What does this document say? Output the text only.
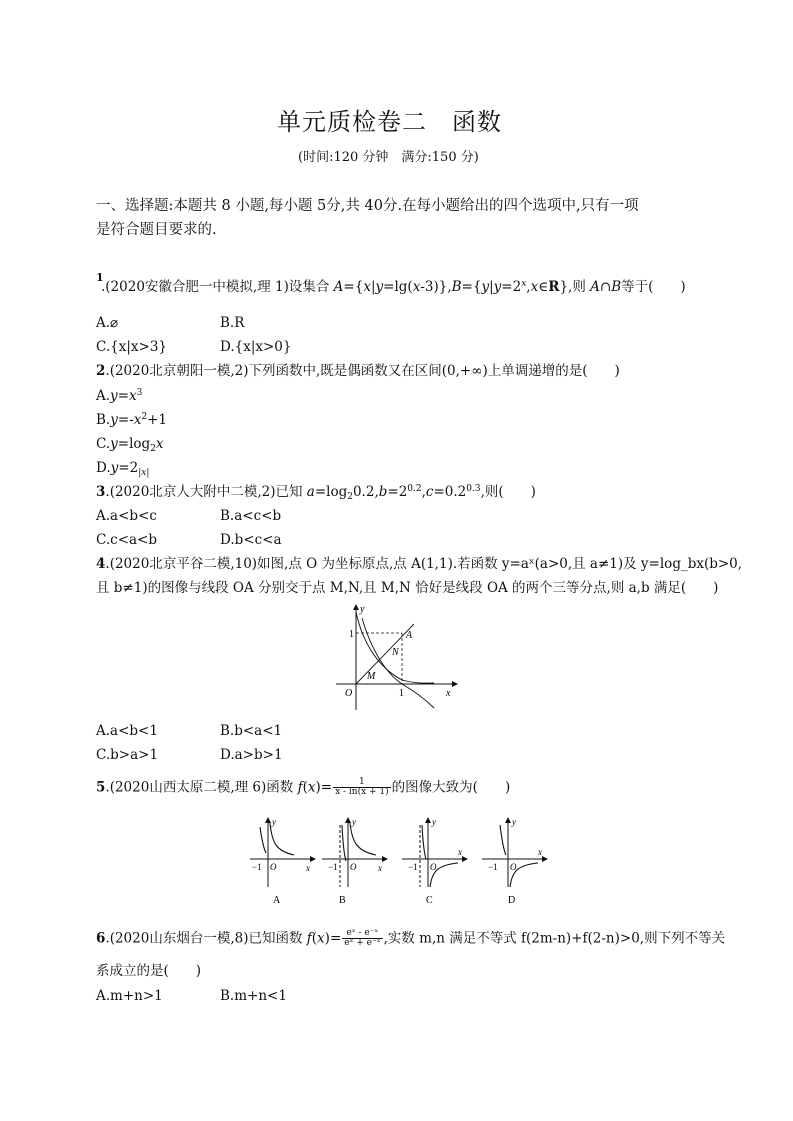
单元质检卷二　函数
(时间:120 分钟　满分:150 分)
一、选择题:本题共 8 小题,每小题 5分,共 40分.在每小题给出的四个选项中,只有一项
是符合题目要求的.
1
.(2020安徽合肥一中模拟,理 1)设集合 $A=\{x|y=\lg(x-3)\},B=\{y|y=2^x,x\in R\}$,则 A∩B等于(　　)
A.⌀	B.R
C.{x|x>3}	D.{x|x>0}
2.(2020北京朝阳一模,2)下列函数中,既是偶函数又在区间(0,+∞)上单调递增的是(　　)
$A.y=x^3$
$B.y=-x^2+1$
$C.y=\log_2x$
$D.y=2_{|x|}$
3.(2020北京人大附中二模,2)已知 $a=\log_20.2,b=2^{0.2},c=0.2^{0.3}$,则(　　)
A.a<b<c	B.a<c<b
C.c<a<b	D.b<c<a
4.(2020北京平谷二模,10)如图,点 O 为坐标原点,点 A(1,1).若函数 y=aˣ(a>0,且 a≠1)及 y=log_bx(b>0,
且 b≠1)的图像与线段 OA 分别交于点 M,N,且 M,N 恰好是线段 OA 的两个三等分点,则 a,b 满足(　　)
y
x
O
1
1
A
N
M
A.a<b<1	B.b<a<1
C.b>a>1	D.a>b>1
5.(2020山西太原二模,理 6)函数 $f(x)= \frac{1}{x - \ln(x + 1)}$ 的图像大致为(　　)
y
x
O
−1
A
y
x
O
−1
B
y
x
O
−1
C
y
x
O
−1
D
6.(2020山东烟台一模,8)已知函数 $f(x)= \frac{\text{eˣ - e⁻ˣ}}{\text{eˣ + e⁻ˣ}}$ ,实数 m,n 满足不等式 f(2m-n)+f(2-n)>0,则下列不等关
系成立的是(　　)
A.m+n>1	B.m+n<1
